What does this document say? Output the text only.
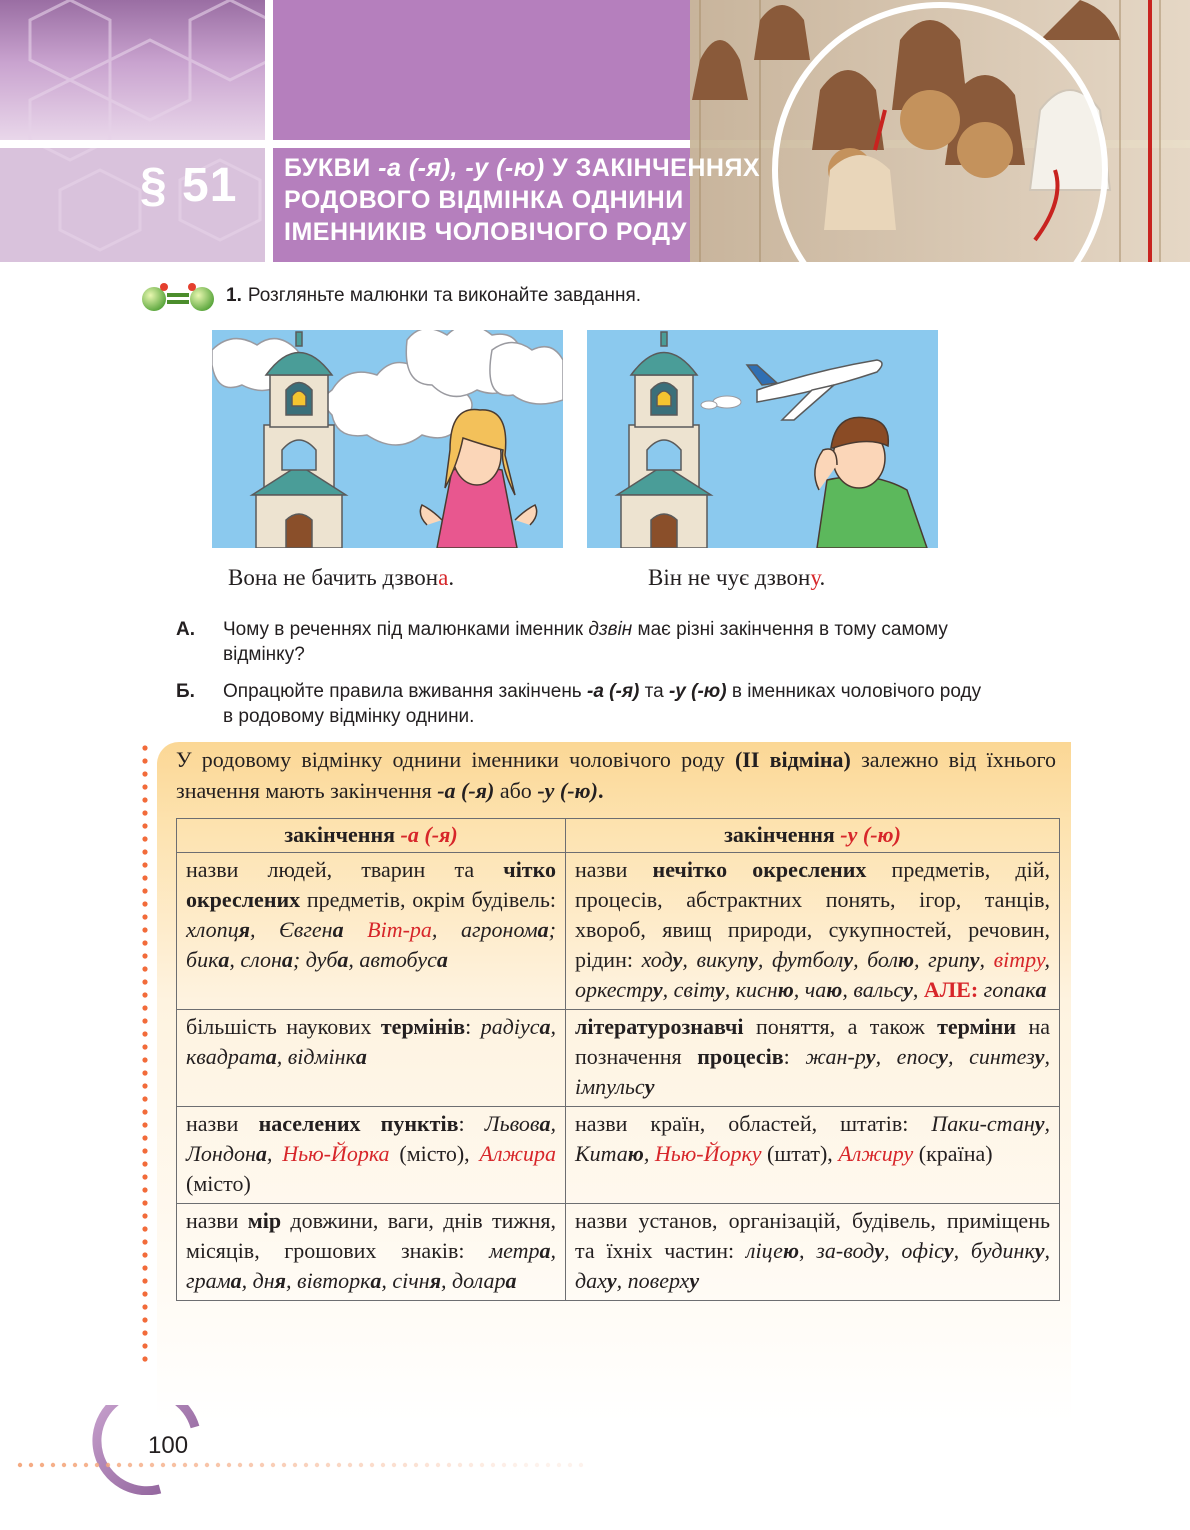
§ 51 БУКВИ -а (-я), -у (-ю) У ЗАКІНЧЕННЯХ
РОДОВОГО ВІДМІНКА ОДНИНИ
ІМЕННИКІВ ЧОЛОВІЧОГО РОДУ
1. Розгляньте малюнки та виконайте завдання.
Вона не бачить дзвона.	Він не чує дзвону.
А. Чому в реченнях під малюнками іменник дзвін має різні закінчення в тому самому відмінку?
Б. Опрацюйте правила вживання закінчень -а (-я) та -у (-ю) в іменниках чоловічого роду в родовому відмінку однини.
У родовому відмінку однини іменники чоловічого роду (ІІ відміна) залежно від їхнього значення мають закінчення -а (-я) або -у (-ю).
закінчення -а (-я)	закінчення -у (-ю)
назви людей, тварин та чітко окреслених предметів, окрім будівель: хлопця, Євгена Віт-ра, агронома; бика, слона; дуба, автобуса	назви нечітко окреслених предметів, дій, процесів, абстрактних понять, ігор, танців, хвороб, явищ природи, сукупностей, речовин, рідин: ходу, викупу, футболу, болю, грипу, вітру, оркестру, світу, кисню, чаю, вальсу, АЛЕ: гопака
більшість наукових термінів: радіуса, квадрата, відмінка	літературознавчі поняття, а також терміни на позначення процесів: жан-ру, епосу, синтезу, імпульсу
назви населених пунктів: Львова, Лондона, Нью-Йорка (місто), Алжира (місто)	назви країн, областей, штатів: Паки-стану, Китаю, Нью-Йорку (штат), Алжиру (країна)
назви мір довжини, ваги, днів тижня, місяців, грошових знаків: метра, грама, дня, вівторка, січня, долара	назви установ, організацій, будівель, приміщень та їхніх частин: ліцею, за-воду, офісу, будинку, даху, поверху
100
